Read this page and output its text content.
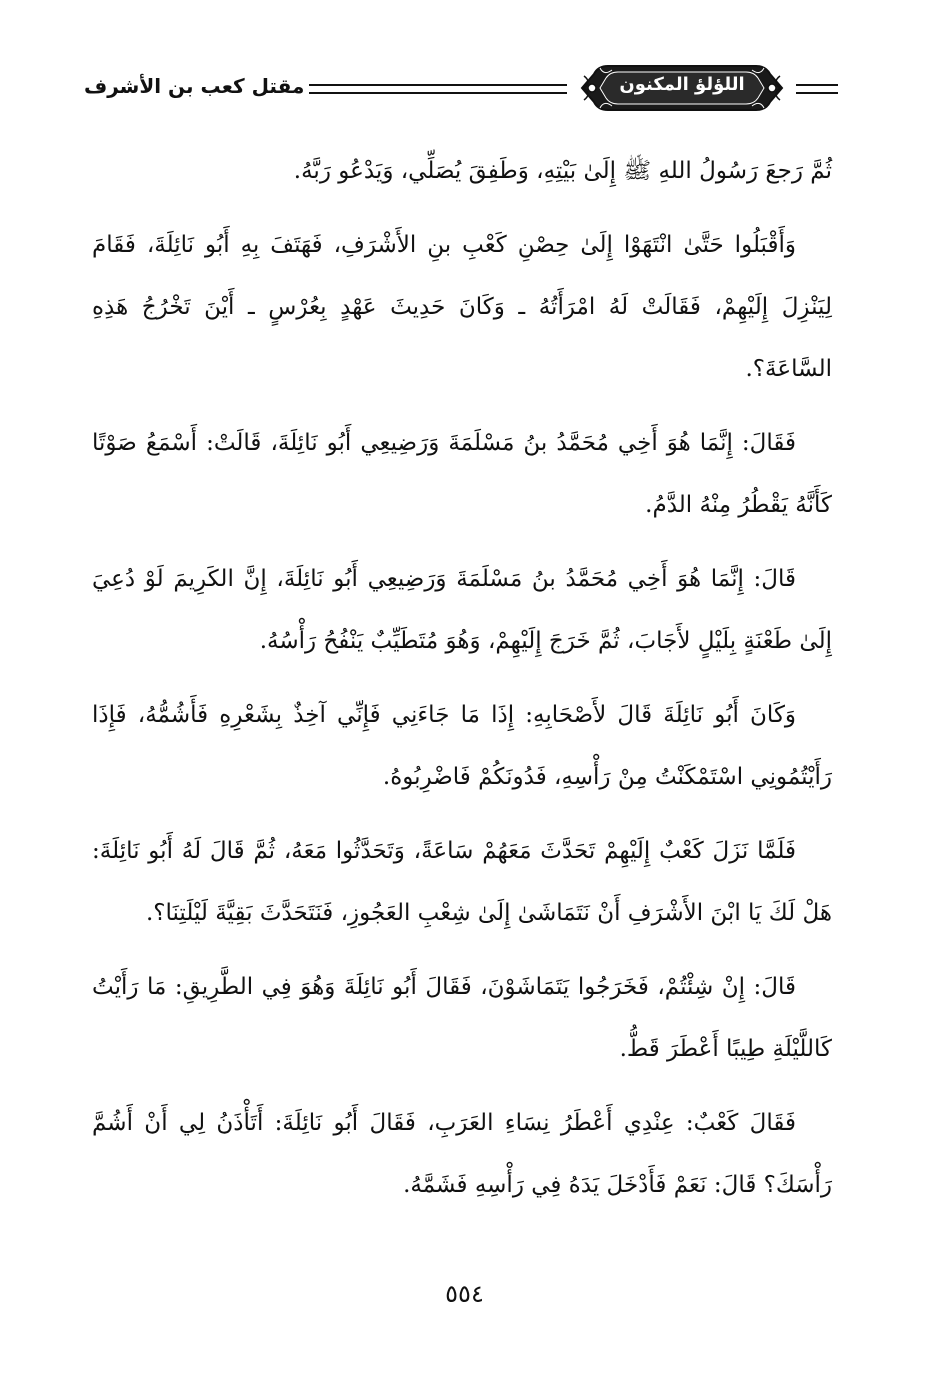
مقتل كعب بن الأشرف	اللؤلؤ المكنون

ثُمَّ رَجعَ رَسُولُ اللهِ ﷺ إِلَىٰ بَيْتِهِ، وَطَفِقَ يُصَلِّي، وَيَدْعُو رَبَّهُ.

وَأَقْبَلُوا حَتَّىٰ انْتَهَوْا إِلَىٰ حِصْنِ كَعْبِ بنِ الأَشْرَفِ، فَهَتَفَ بِهِ أَبُو نَائِلَةَ، فَقَامَ لِيَنْزِلَ إِلَيْهِمْ، فَقَالَتْ لَهُ امْرَأَتُهُ ـ وَكَانَ حَدِيثَ عَهْدٍ بِعُرْسٍ ـ أَيْنَ تَخْرُجُ هَذِهِ السَّاعَةَ؟.

فَقَالَ: إِنَّمَا هُوَ أَخِي مُحَمَّدُ بنُ مَسْلَمَةَ وَرَضِيعِي أَبُو نَائِلَةَ، قَالَتْ: أَسْمَعُ صَوْتًا كَأَنَّهُ يَقْطُرُ مِنْهُ الدَّمُ.

قَالَ: إِنَّمَا هُوَ أَخِي مُحَمَّدُ بنُ مَسْلَمَةَ وَرَضِيعِي أَبُو نَائِلَةَ، إِنَّ الكَرِيمَ لَوْ دُعِيَ إِلَىٰ طَعْنَةٍ بِلَيْلٍ لأَجَابَ، ثُمَّ خَرَجَ إِلَيْهِمْ، وَهُوَ مُتَطَيِّبٌ يَنْفُحُ رَأْسُهُ.

وَكَانَ أَبُو نَائِلَةَ قَالَ لأَصْحَابِهِ: إِذَا مَا جَاءَنِي فَإِنِّي آخِذٌ بِشَعْرِهِ فَأَشُمُّهُ، فَإِذَا رَأَيْتُمُونِي اسْتَمْكَنْتُ مِنْ رَأْسِهِ، فَدُونَكُمْ فَاضْرِبُوهُ.

فَلَمَّا نَزَلَ كَعْبٌ إِلَيْهِمْ تَحَدَّثَ مَعَهُمْ سَاعَةً، وَتَحَدَّثُوا مَعَهُ، ثُمَّ قَالَ لَهُ أَبُو نَائِلَةَ: هَلْ لَكَ يَا ابْنَ الأَشْرَفِ أَنْ نَتَمَاشَىٰ إِلَىٰ شِعْبِ العَجُوزِ، فَنَتَحَدَّثَ بَقِيَّةَ لَيْلَتِنَا؟.

قَالَ: إِنْ شِئْتُمْ، فَخَرَجُوا يَتَمَاشَوْنَ، فَقَالَ أَبُو نَائِلَةَ وَهُوَ فِي الطَّرِيقِ: مَا رَأَيْتُ كَاللَّيْلَةِ طِيبًا أَعْطَرَ قَطُّ.

فَقَالَ كَعْبٌ: عِنْدِي أَعْطَرُ نِسَاءِ العَرَبِ، فَقَالَ أَبُو نَائِلَةَ: أَتَأْذَنُ لِي أَنْ أَشُمَّ رَأْسَكَ؟ قَالَ: نَعَمْ فَأَدْخَلَ يَدَهُ فِي رَأْسِهِ فَشَمَّهُ.

٥٥٤
